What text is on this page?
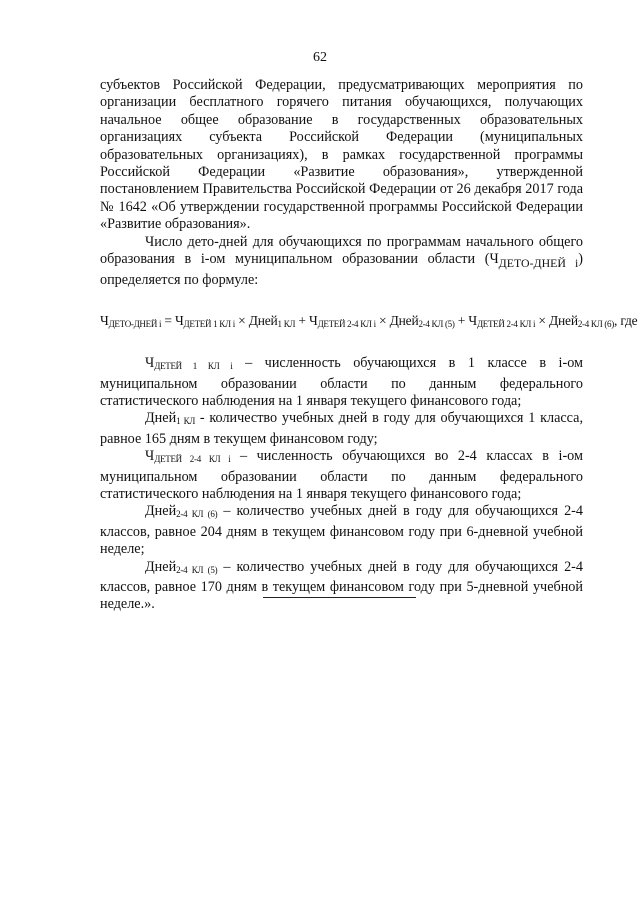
62

субъектов Российской Федерации, предусматривающих мероприятия по организации бесплатного горячего питания обучающихся, получающих начальное общее образование в государственных образовательных организациях субъекта Российской Федерации (муниципальных образовательных организациях), в рамках государственной программы Российской Федерации «Развитие образования», утвержденной постановлением Правительства Российской Федерации от 26 декабря 2017 года № 1642 «Об утверждении государственной программы Российской Федерации «Развитие образования».

Число дето-дней для обучающихся по программам начального общего образования в i-ом муниципальном образовании области $(Ч_{ДЕТО-ДНЕЙ i})$ определяется по формуле:

$Ч_{ДЕТО-ДНЕЙ i} = Ч_{ДЕТЕЙ 1 КЛ i}$ × Дней$_{1 КЛ}$ + $Ч_{ДЕТЕЙ 2-4 КЛ i}$ × Дней$_{2-4 КЛ (5)}$ + $Ч_{ДЕТЕЙ 2-4 КЛ i}$ × Дней$_{2-4 КЛ (6)}$, где

$Ч_{ДЕТЕЙ 1 КЛ i}$ – численность обучающихся в 1 классе в i-ом муниципальном образовании области по данным федерального статистического наблюдения на 1 января текущего финансового года;

Дней$_{1 КЛ}$ - количество учебных дней в году для обучающихся 1 класса, равное 165 дням в текущем финансовом году;

$Ч_{ДЕТЕЙ 2-4 КЛ i}$ – численность обучающихся во 2-4 классах в i-ом муниципальном образовании области по данным федерального статистического наблюдения на 1 января текущего финансового года;

Дней$_{2-4 КЛ (6)}$ – количество учебных дней в году для обучающихся 2-4 классов, равное 204 дням в текущем финансовом году при 6-дневной учебной неделе;

Дней$_{2-4 КЛ (5)}$ – количество учебных дней в году для обучающихся 2-4 классов, равное 170 дням в текущем финансовом году при 5-дневной учебной неделе.».
